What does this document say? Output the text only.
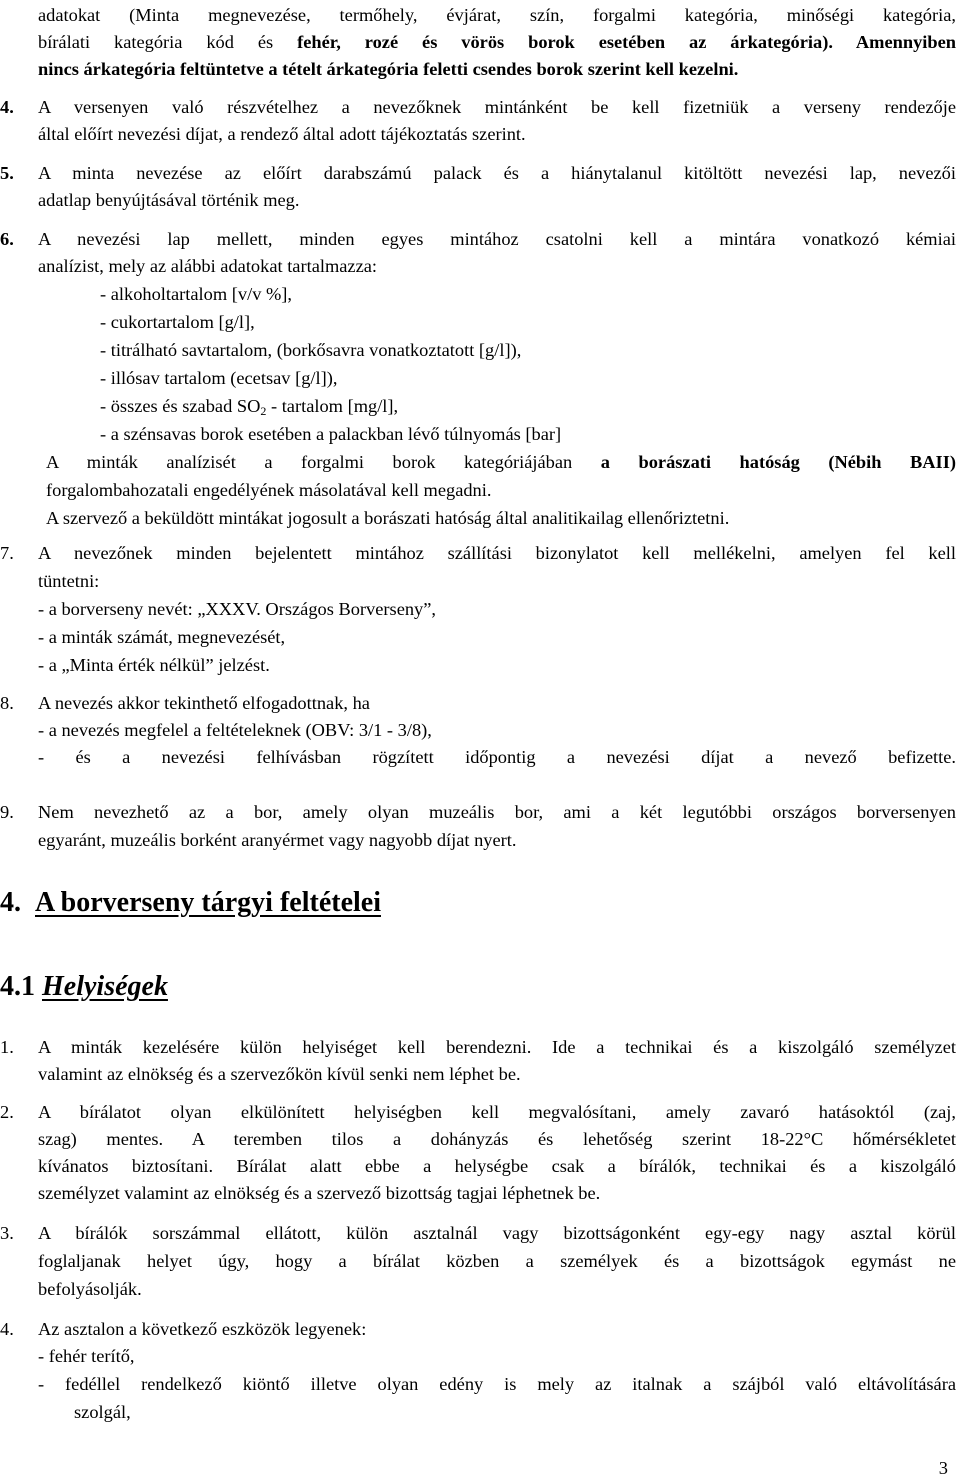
adatokat (Minta megnevezése, termőhely, évjárat, szín, forgalmi kategória, minőségi kategória,
bírálati kategória kód és fehér, rozé és vörös borok esetében az árkategória). Amennyiben
nincs árkategória feltüntetve a tételt árkategória feletti csendes borok szerint kell kezelni.
4. A versenyen való részvételhez a nevezőknek mintánként be kell fizetniük a verseny rendezője
által előírt nevezési díjat, a rendező által adott tájékoztatás szerint.
5. A minta nevezése az előírt darabszámú palack és a hiánytalanul kitöltött nevezési lap, nevezői
adatlap benyújtásával történik meg.
6. A nevezési lap mellett, minden egyes mintához csatolni kell a mintára vonatkozó kémiai
analízist, mely az alábbi adatokat tartalmazza:
- alkoholtartalom [v/v %],
- cukortartalom [g/l],
- titrálható savtartalom, (borkősavra vonatkoztatott [g/l]),
- illósav tartalom (ecetsav [g/l]),
- összes és szabad $SO_2$ - tartalom [mg/l],
- a szénsavas borok esetében a palackban lévő túlnyomás [bar]
A minták analízisét a forgalmi borok kategóriájában a borászati hatóság (Nébih BAII)
forgalombahozatali engedélyének másolatával kell megadni.
A szervező a beküldött mintákat jogosult a borászati hatóság által analitikailag ellenőriztetni.
7. A nevezőnek minden bejelentett mintához szállítási bizonylatot kell mellékelni, amelyen fel kell
tüntetni:
- a borverseny nevét: „XXXV. Országos Borverseny”,
- a minták számát, megnevezését,
- a „Minta érték nélkül” jelzést.
8. A nevezés akkor tekinthető elfogadottnak, ha
- a nevezés megfelel a feltételeknek (OBV: 3/1 - 3/8),
- és a nevezési felhívásban rögzített időpontig a nevezési díjat a nevező befizette.
9. Nem nevezhető az a bor, amely olyan muzeális bor, ami a két legutóbbi országos borversenyen
egyaránt, muzeális borként aranyérmet vagy nagyobb díjat nyert.
4. A borverseny tárgyi feltételei
4.1 Helyiségek
1. A minták kezelésére külön helyiséget kell berendezni. Ide a technikai és a kiszolgáló személyzet
valamint az elnökség és a szervezőkön kívül senki nem léphet be.
2. A bírálatot olyan elkülönített helyiségben kell megvalósítani, amely zavaró hatásoktól (zaj,
szag) mentes. A teremben tilos a dohányzás és lehetőség szerint 18-22°C hőmérsékletet
kívánatos biztosítani. Bírálat alatt ebbe a helységbe csak a bírálók, technikai és a kiszolgáló
személyzet valamint az elnökség és a szervező bizottság tagjai léphetnek be.
3. A bírálók sorszámmal ellátott, külön asztalnál vagy bizottságonként egy-egy nagy asztal körül
foglaljanak helyet úgy, hogy a bírálat közben a személyek és a bizottságok egymást ne
befolyásolják.
4. Az asztalon a következő eszközök legyenek:
- fehér terítő,
- fedéllel rendelkező kiöntő illetve olyan edény is mely az italnak a szájból való eltávolítására
szolgál,
3
